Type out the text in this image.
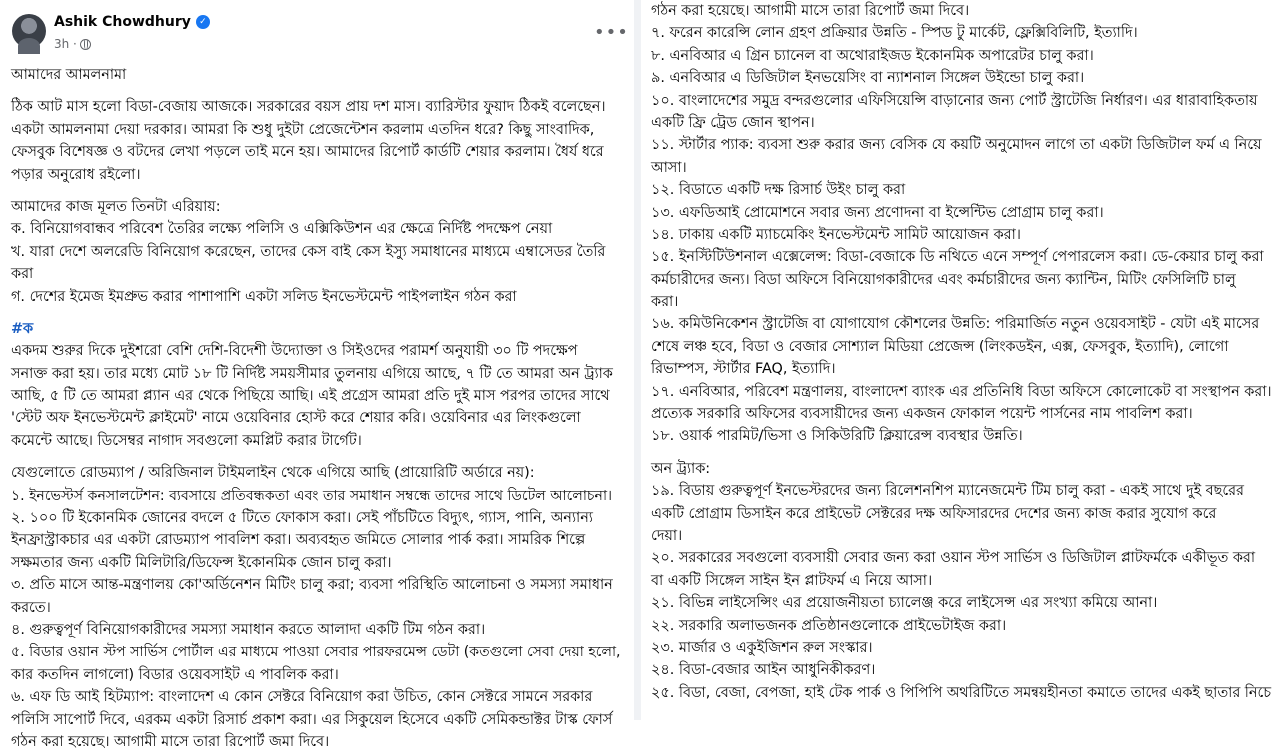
Ashik Chowdhury ✓
3h ·
•••
আমাদের আমলনামা
ঠিক আট মাস হলো বিডা-বেজায় আজকে। সরকারের বয়স প্রায় দশ মাস। ব্যারিস্টার ফুয়াদ ঠিকই বলেছেন।
একটা আমলনামা দেয়া দরকার। আমরা কি শুধু দুইটা প্রেজেন্টেশন করলাম এতদিন ধরে? কিছু সাংবাদিক,
ফেসবুক বিশেষজ্ঞ ও বটদের লেখা পড়লে তাই মনে হয়। আমাদের রিপোর্ট কার্ডটি শেয়ার করলাম। ধৈর্য ধরে
পড়ার অনুরোধ রইলো।
আমাদের কাজ মূলত তিনটা এরিয়ায়:
ক. বিনিয়োগবান্ধব পরিবেশ তৈরির লক্ষ্যে পলিসি ও এক্সিকিউশন এর ক্ষেত্রে নির্দিষ্ট পদক্ষেপ নেয়া
খ. যারা দেশে অলরেডি বিনিয়োগ করেছেন, তাদের কেস বাই কেস ইস্যু সমাধানের মাধ্যমে এম্বাসেডর তৈরি
করা
গ. দেশের ইমেজ ইমপ্রুভ করার পাশাপাশি একটা সলিড ইনভেস্টমেন্ট পাইপলাইন গঠন করা
#ক
একদম শুরুর দিকে দুইশরো বেশি দেশি-বিদেশী উদ্যোক্তা ও সিইওদের পরামর্শ অনুযায়ী ৩০ টি পদক্ষেপ
সনাক্ত করা হয়। তার মধ্যে মোট ১৮ টি নির্দিষ্ট সময়সীমার তুলনায় এগিয়ে আছে, ৭ টি তে আমরা অন ট্র্যাক
আছি, ৫ টি তে আমরা প্ল্যান এর থেকে পিছিয়ে আছি। এই প্রগ্রেস আমরা প্রতি দুই মাস পরপর তাদের সাথে
'স্টেট অফ ইনভেস্টমেন্ট ক্লাইমেট' নামে ওয়েবিনার হোস্ট করে শেয়ার করি। ওয়েবিনার এর লিংকগুলো
কমেন্টে আছে। ডিসেম্বর নাগাদ সবগুলো কমপ্লিট করার টার্গেট।
যেগুলোতে রোডম্যাপ / অরিজিনাল টাইমলাইন থেকে এগিয়ে আছি (প্রায়োরিটি অর্ডারে নয়):
১. ইনভেস্টর্স কনসালটেশন: ব্যবসায়ে প্রতিবন্ধকতা এবং তার সমাধান সম্বন্ধে তাদের সাথে ডিটেল আলোচনা।
২. ১০০ টি ইকোনমিক জোনের বদলে ৫ টিতে ফোকাস করা। সেই পাঁচটিতে বিদ্যুৎ, গ্যাস, পানি, অন্যান্য
ইনফ্রাস্ট্রাকচার এর একটা রোডম্যাপ পাবলিশ করা। অব্যবহৃত জমিতে সোলার পার্ক করা। সামরিক শিল্পে
সক্ষমতার জন্য একটি মিলিটারি/ডিফেন্স ইকোনমিক জোন চালু করা।
৩. প্রতি মাসে আন্ত-মন্ত্রণালয় কো'অর্ডিনেশন মিটিং চালু করা; ব্যবসা পরিস্থিতি আলোচনা ও সমস্যা সমাধান
করতে।
৪. গুরুত্বপূর্ণ বিনিয়োগকারীদের সমস্যা সমাধান করতে আলাদা একটি টিম গঠন করা।
৫. বিডার ওয়ান স্টপ সার্ভিস পোর্টাল এর মাধ্যমে পাওয়া সেবার পারফরমেন্স ডেটা (কতগুলো সেবা দেয়া হলো,
কার কতদিন লাগলো) বিডার ওয়েবসাইট এ পাবলিক করা।
৬. এফ ডি আই হিটম্যাপ: বাংলাদেশ এ কোন সেক্টরে বিনিয়োগ করা উচিত, কোন সেক্টরে সামনে সরকার
পলিসি সাপোর্ট দিবে, এরকম একটা রিসার্চ প্রকাশ করা। এর সিকুয়েল হিসেবে একটি সেমিকন্ডাক্টর টাস্ক ফোর্স
গঠন করা হয়েছে। আগামী মাসে তারা রিপোর্ট জমা দিবে।
গঠন করা হয়েছে। আগামী মাসে তারা রিপোর্ট জমা দিবে।
৭. ফরেন কারেন্সি লোন গ্রহণ প্রক্রিয়ার উন্নতি - স্পিড টু মার্কেট, ফ্লেক্সিবিলিটি, ইত্যাদি।
৮. এনবিআর এ গ্রিন চ্যানেল বা অথোরাইজড ইকোনমিক অপারেটর চালু করা।
৯. এনবিআর এ ডিজিটাল ইনভয়েসিং বা ন্যাশনাল সিঙ্গেল উইন্ডো চালু করা।
১০. বাংলাদেশের সমুদ্র বন্দরগুলোর এফিসিয়েন্সি বাড়ানোর জন্য পোর্ট স্ট্রাটেজি নির্ধারণ। এর ধারাবাহিকতায়
একটি ফ্রি ট্রেড জোন স্থাপন।
১১. স্টার্টার প্যাক: ব্যবসা শুরু করার জন্য বেসিক যে কয়টি অনুমোদন লাগে তা একটা ডিজিটাল ফর্ম এ নিয়ে
আসা।
১২. বিডাতে একটি দক্ষ রিসার্চ উইং চালু করা
১৩. এফডিআই প্রোমোশনে সবার জন্য প্রণোদনা বা ইন্সেন্টিভ প্রোগ্রাম চালু করা।
১৪. ঢাকায় একটি ম্যাচমেকিং ইনভেস্টমেন্ট সামিট আয়োজন করা।
১৫. ইনস্টিটিউশনাল এক্সেলেন্স: বিডা-বেজাকে ডি নথিতে এনে সম্পূর্ণ পেপারলেস করা। ডে-কেয়ার চালু করা
কর্মচারীদের জন্য। বিডা অফিসে বিনিয়োগকারীদের এবং কর্মচারীদের জন্য ক্যান্টিন, মিটিং ফেসিলিটি চালু
করা।
১৬. কমিউনিকেশন স্ট্রাটেজি বা যোগাযোগ কৌশলের উন্নতি: পরিমার্জিত নতুন ওয়েবসাইট - যেটা এই মাসের
শেষে লঞ্চ হবে, বিডা ও বেজার সোশ্যাল মিডিয়া প্রেজেন্স (লিংকডইন, এক্স, ফেসবুক, ইত্যাদি), লোগো
রিভাম্পস, স্টার্টার FAQ, ইত্যাদি।
১৭. এনবিআর, পরিবেশ মন্ত্রণালয়, বাংলাদেশ ব্যাংক এর প্রতিনিধি বিডা অফিসে কোলোকেট বা সংস্থাপন করা।
প্রত্যেক সরকারি অফিসের ব্যবসায়ীদের জন্য একজন ফোকাল পয়েন্ট পার্সনের নাম পাবলিশ করা।
১৮. ওয়ার্ক পারমিট/ভিসা ও সিকিউরিটি ক্লিয়ারেন্স ব্যবস্থার উন্নতি।
অন ট্র্যাক:
১৯. বিডায় গুরুত্বপূর্ণ ইনভেস্টরদের জন্য রিলেশনশিপ ম্যানেজমেন্ট টিম চালু করা - একই সাথে দুই বছরের
একটি প্রোগ্রাম ডিসাইন করে প্রাইভেট সেক্টরের দক্ষ অফিসারদের দেশের জন্য কাজ করার সুযোগ করে
দেয়া।
২০. সরকারের সবগুলো ব্যবসায়ী সেবার জন্য করা ওয়ান স্টপ সার্ভিস ও ডিজিটাল প্লাটফর্মকে একীভূত করা
বা একটি সিঙ্গেল সাইন ইন প্লাটফর্ম এ নিয়ে আসা।
২১. বিভিন্ন লাইসেন্সিং এর প্রয়োজনীয়তা চ্যালেঞ্জ করে লাইসেন্স এর সংখ্যা কমিয়ে আনা।
২২. সরকারি অলাভজনক প্রতিষ্ঠানগুলোকে প্রাইভেটাইজ করা।
২৩. মার্জার ও একুইজিশন রুল সংস্কার।
২৪. বিডা-বেজার আইন আধুনিকীকরণ।
২৫. বিডা, বেজা, বেপজা, হাই টেক পার্ক ও পিপিপি অথরিটিতে সমন্বয়হীনতা কমাতে তাদের একই ছাতার নিচে
